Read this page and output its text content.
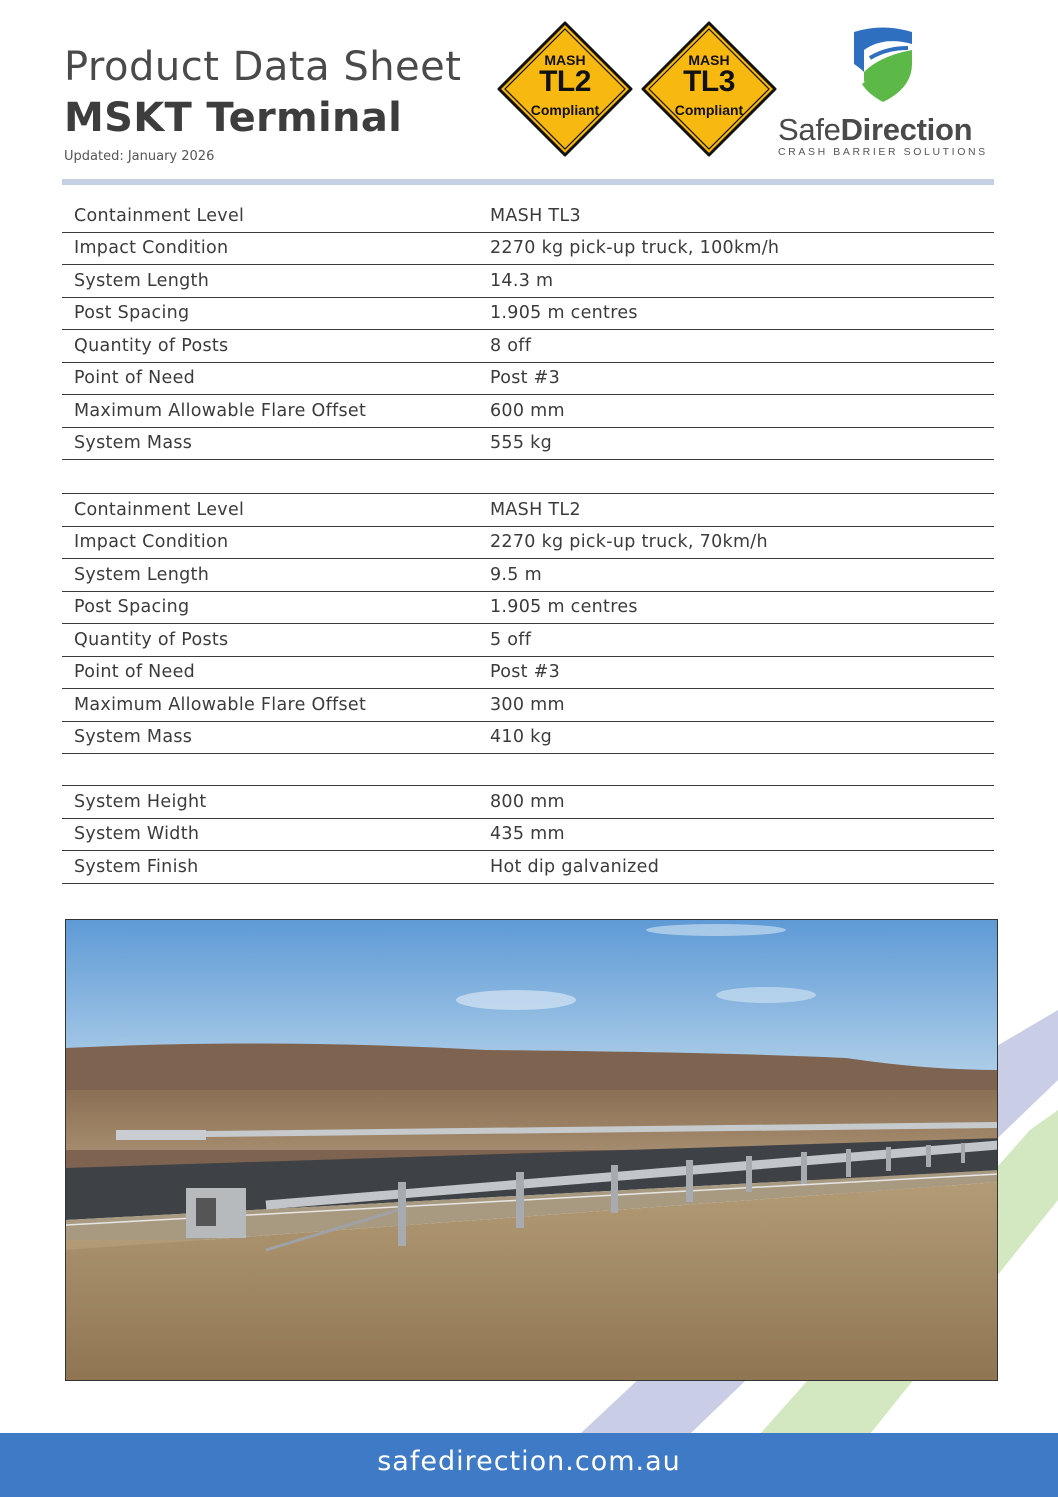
Product Data Sheet
MSKT Terminal
Updated: January 2026
MASH
TL2
Compliant
MASH
TL3
Compliant
SafeDirection
CRASH BARRIER SOLUTIONS
Containment Level	MASH TL3
Impact Condition	2270 kg pick-up truck, 100km/h
System Length	14.3 m
Post Spacing	1.905 m centres
Quantity of Posts	8 off
Point of Need	Post #3
Maximum Allowable Flare Offset	600 mm
System Mass	555 kg
Containment Level	MASH TL2
Impact Condition	2270 kg pick-up truck, 70km/h
System Length	9.5 m
Post Spacing	1.905 m centres
Quantity of Posts	5 off
Point of Need	Post #3
Maximum Allowable Flare Offset	300 mm
System Mass	410 kg
System Height	800 mm
System Width	435 mm
System Finish	Hot dip galvanized
safedirection.com.au
